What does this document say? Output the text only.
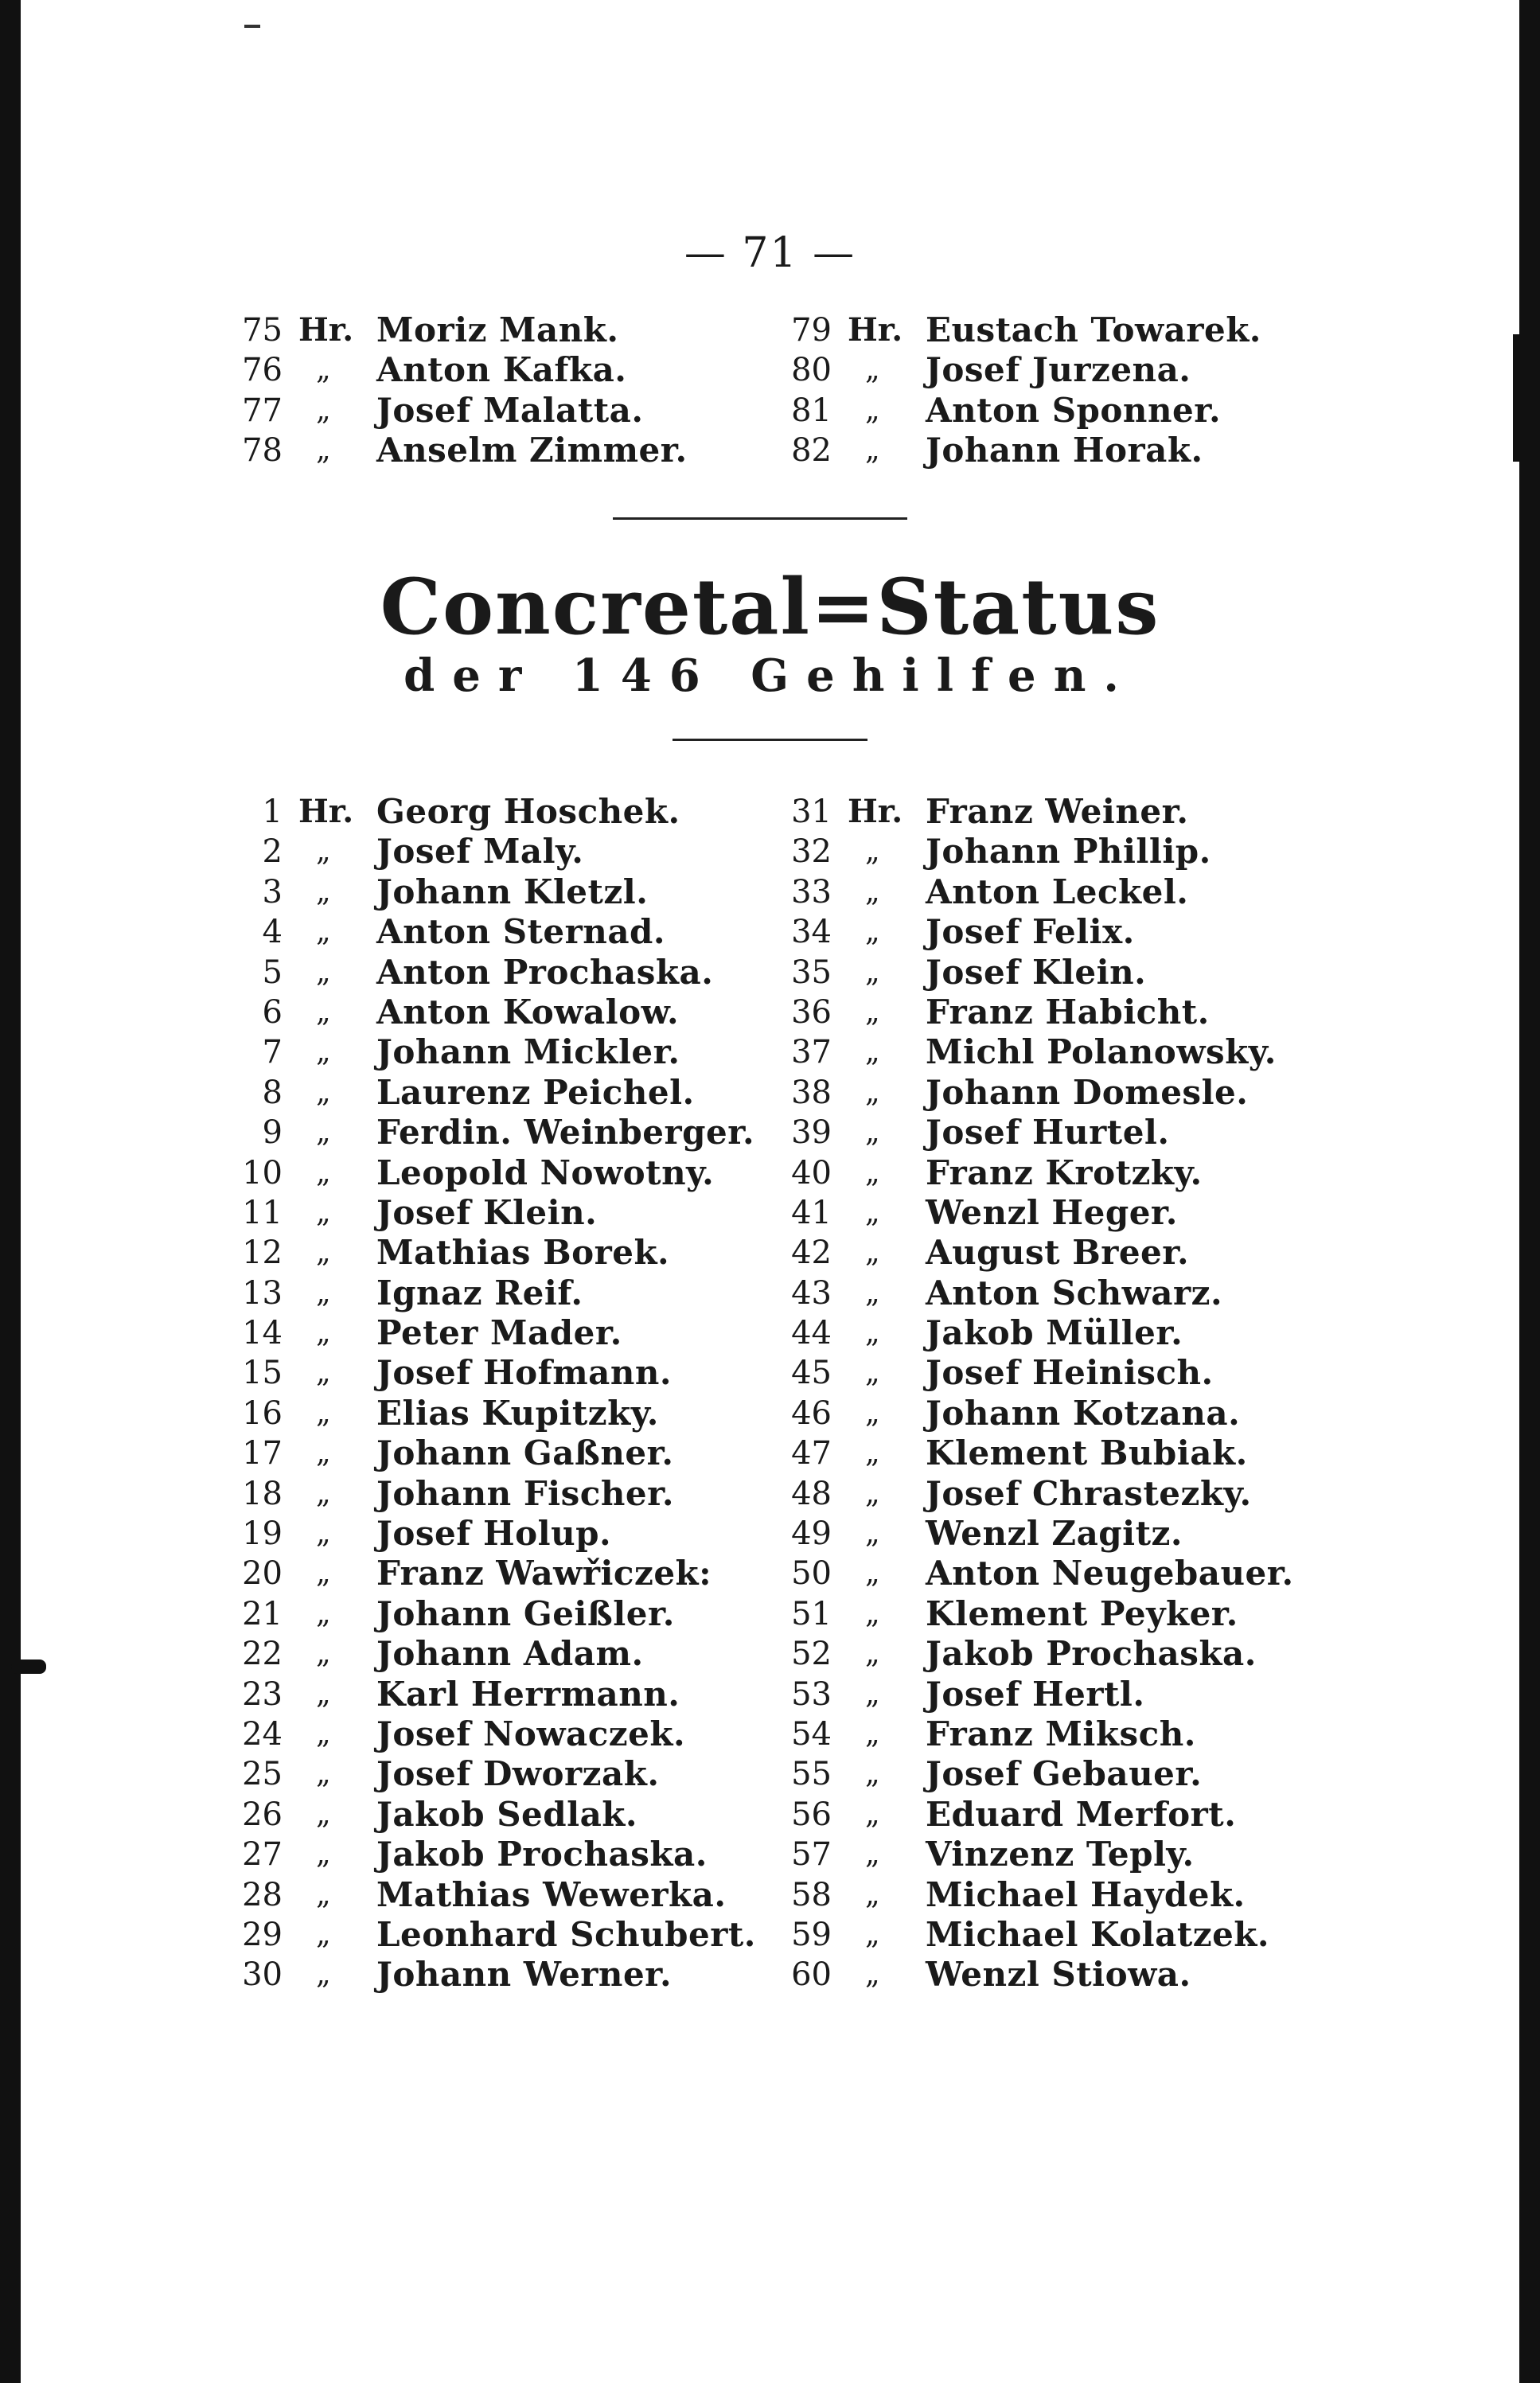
— 71 —
75 Hr. Moriz Mank.
76	„	Anton Kafka.
77	„	Josef Malatta.
78	„	Anselm Zimmer.
79 Hr. Eustach Towarek.
80	„	Josef Jurzena.
81	„	Anton Sponner.
82	„	Johann Horak.
Concretal=Status
der 146 Gehilfen.
1 Hr. Georg Hoschek.
2	„	Josef Maly.
3	„	Johann Kletzl.
4	„	Anton Sternad.
5	„	Anton Prochaska.
6	„	Anton Kowalow.
7	„	Johann Mickler.
8	„	Laurenz Peichel.
9	„	Ferdin. Weinberger.
10	„	Leopold Nowotny.
11	„	Josef Klein.
12	„	Mathias Borek.
13	„	Ignaz Reif.
14	„	Peter Mader.
15	„	Josef Hofmann.
16	„	Elias Kupitzky.
17	„	Johann Gaßner.
18	„	Johann Fischer.
19	„	Josef Holup.
20	„	Franz Wawřiczek:
21	„	Johann Geißler.
22	„	Johann Adam.
23	„	Karl Herrmann.
24	„	Josef Nowaczek.
25	„	Josef Dworzak.
26	„	Jakob Sedlak.
27	„	Jakob Prochaska.
28	„	Mathias Wewerka.
29	„	Leonhard Schubert.
30	„	Johann Werner.
31 Hr. Franz Weiner.
32	„	Johann Phillip.
33	„	Anton Leckel.
34	„	Josef Felix.
35	„	Josef Klein.
36	„	Franz Habicht.
37	„	Michl Polanowsky.
38	„	Johann Domesle.
39	„	Josef Hurtel.
40	„	Franz Krotzky.
41	„	Wenzl Heger.
42	„	August Breer.
43	„	Anton Schwarz.
44	„	Jakob Müller.
45	„	Josef Heinisch.
46	„	Johann Kotzana.
47	„	Klement Bubiak.
48	„	Josef Chrastezky.
49	„	Wenzl Zagitz.
50	„	Anton Neugebauer.
51	„	Klement Peyker.
52	„	Jakob Prochaska.
53	„	Josef Hertl.
54	„	Franz Miksch.
55	„	Josef Gebauer.
56	„	Eduard Merfort.
57	„	Vinzenz Teply.
58	„	Michael Haydek.
59	„	Michael Kolatzek.
60	„	Wenzl Stiowa.
